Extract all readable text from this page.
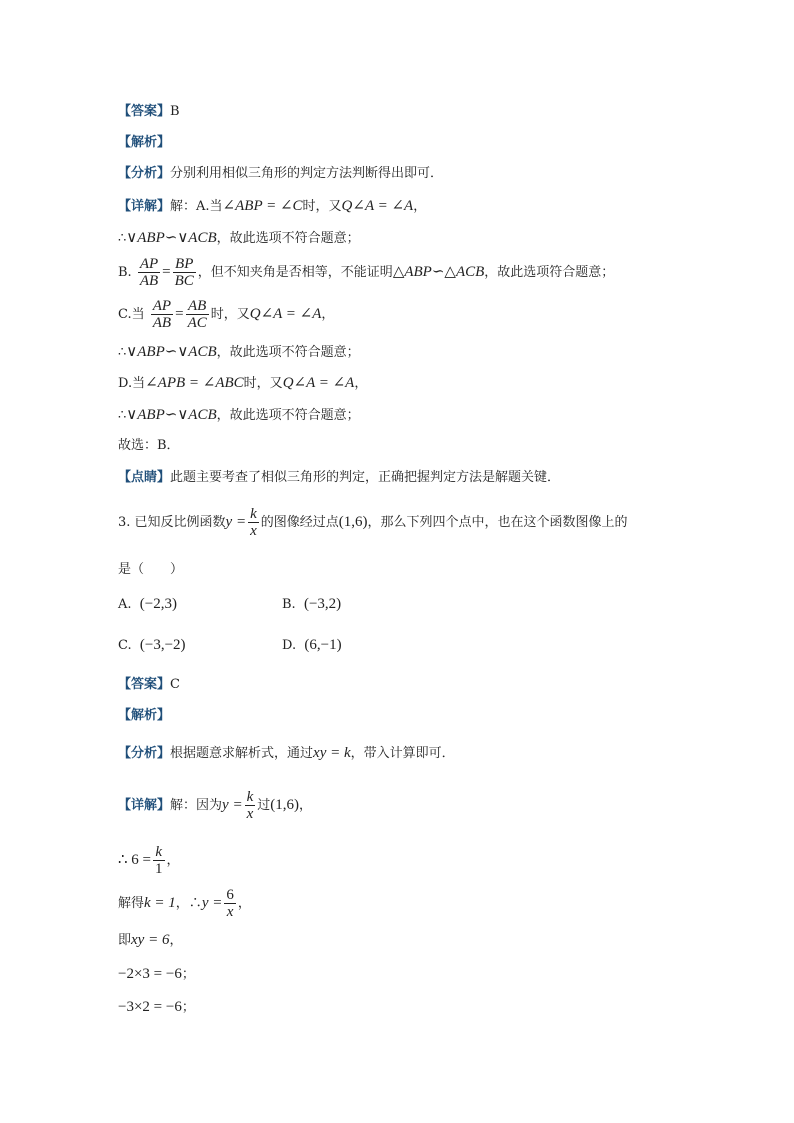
【答案】B
【解析】
【分析】分别利用相似三角形的判定方法判断得出即可．
【详解】解：A.当∠ABP = ∠C时，又Q∠A = ∠A，
∴∨ABP∽∨ACB，故此选项不符合题意；
B. $\frac{AP}{AB} = \frac{BP}{BC}$ ，但不知夹角是否相等，不能证明△ABP∽△ACB，故此选项符合题意；
C.当 $\frac{AP}{AB} = \frac{AB}{AC}$ 时，又Q∠A = ∠A，
∴∨ABP∽∨ACB，故此选项不符合题意；
D.当∠APB = ∠ABC时，又Q∠A = ∠A，
∴∨ABP∽∨ACB，故此选项不符合题意；
故选：B．
【点睛】此题主要考查了相似三角形的判定，正确把握判定方法是解题关键．
3. 已知反比例函数$y = \frac{k}{x}$ 的图像经过点(1,6)，那么下列四个点中，也在这个函数图像上的
是（　　）
A. (−2,3)	B. (−3,2)
C. (−3,−2)	D. (6,−1)
【答案】C
【解析】
【分析】根据题意求解析式，通过xy = k，带入计算即可．
【详解】解：因为$y = \frac{k}{x}$ 过(1,6)，
∴ $6 = \frac{k}{1}$ ，
解得k = 1，∴y = $\frac{6}{x}$ ，
即xy = 6，
−2×3 = −6；
−3×2 = −6；
